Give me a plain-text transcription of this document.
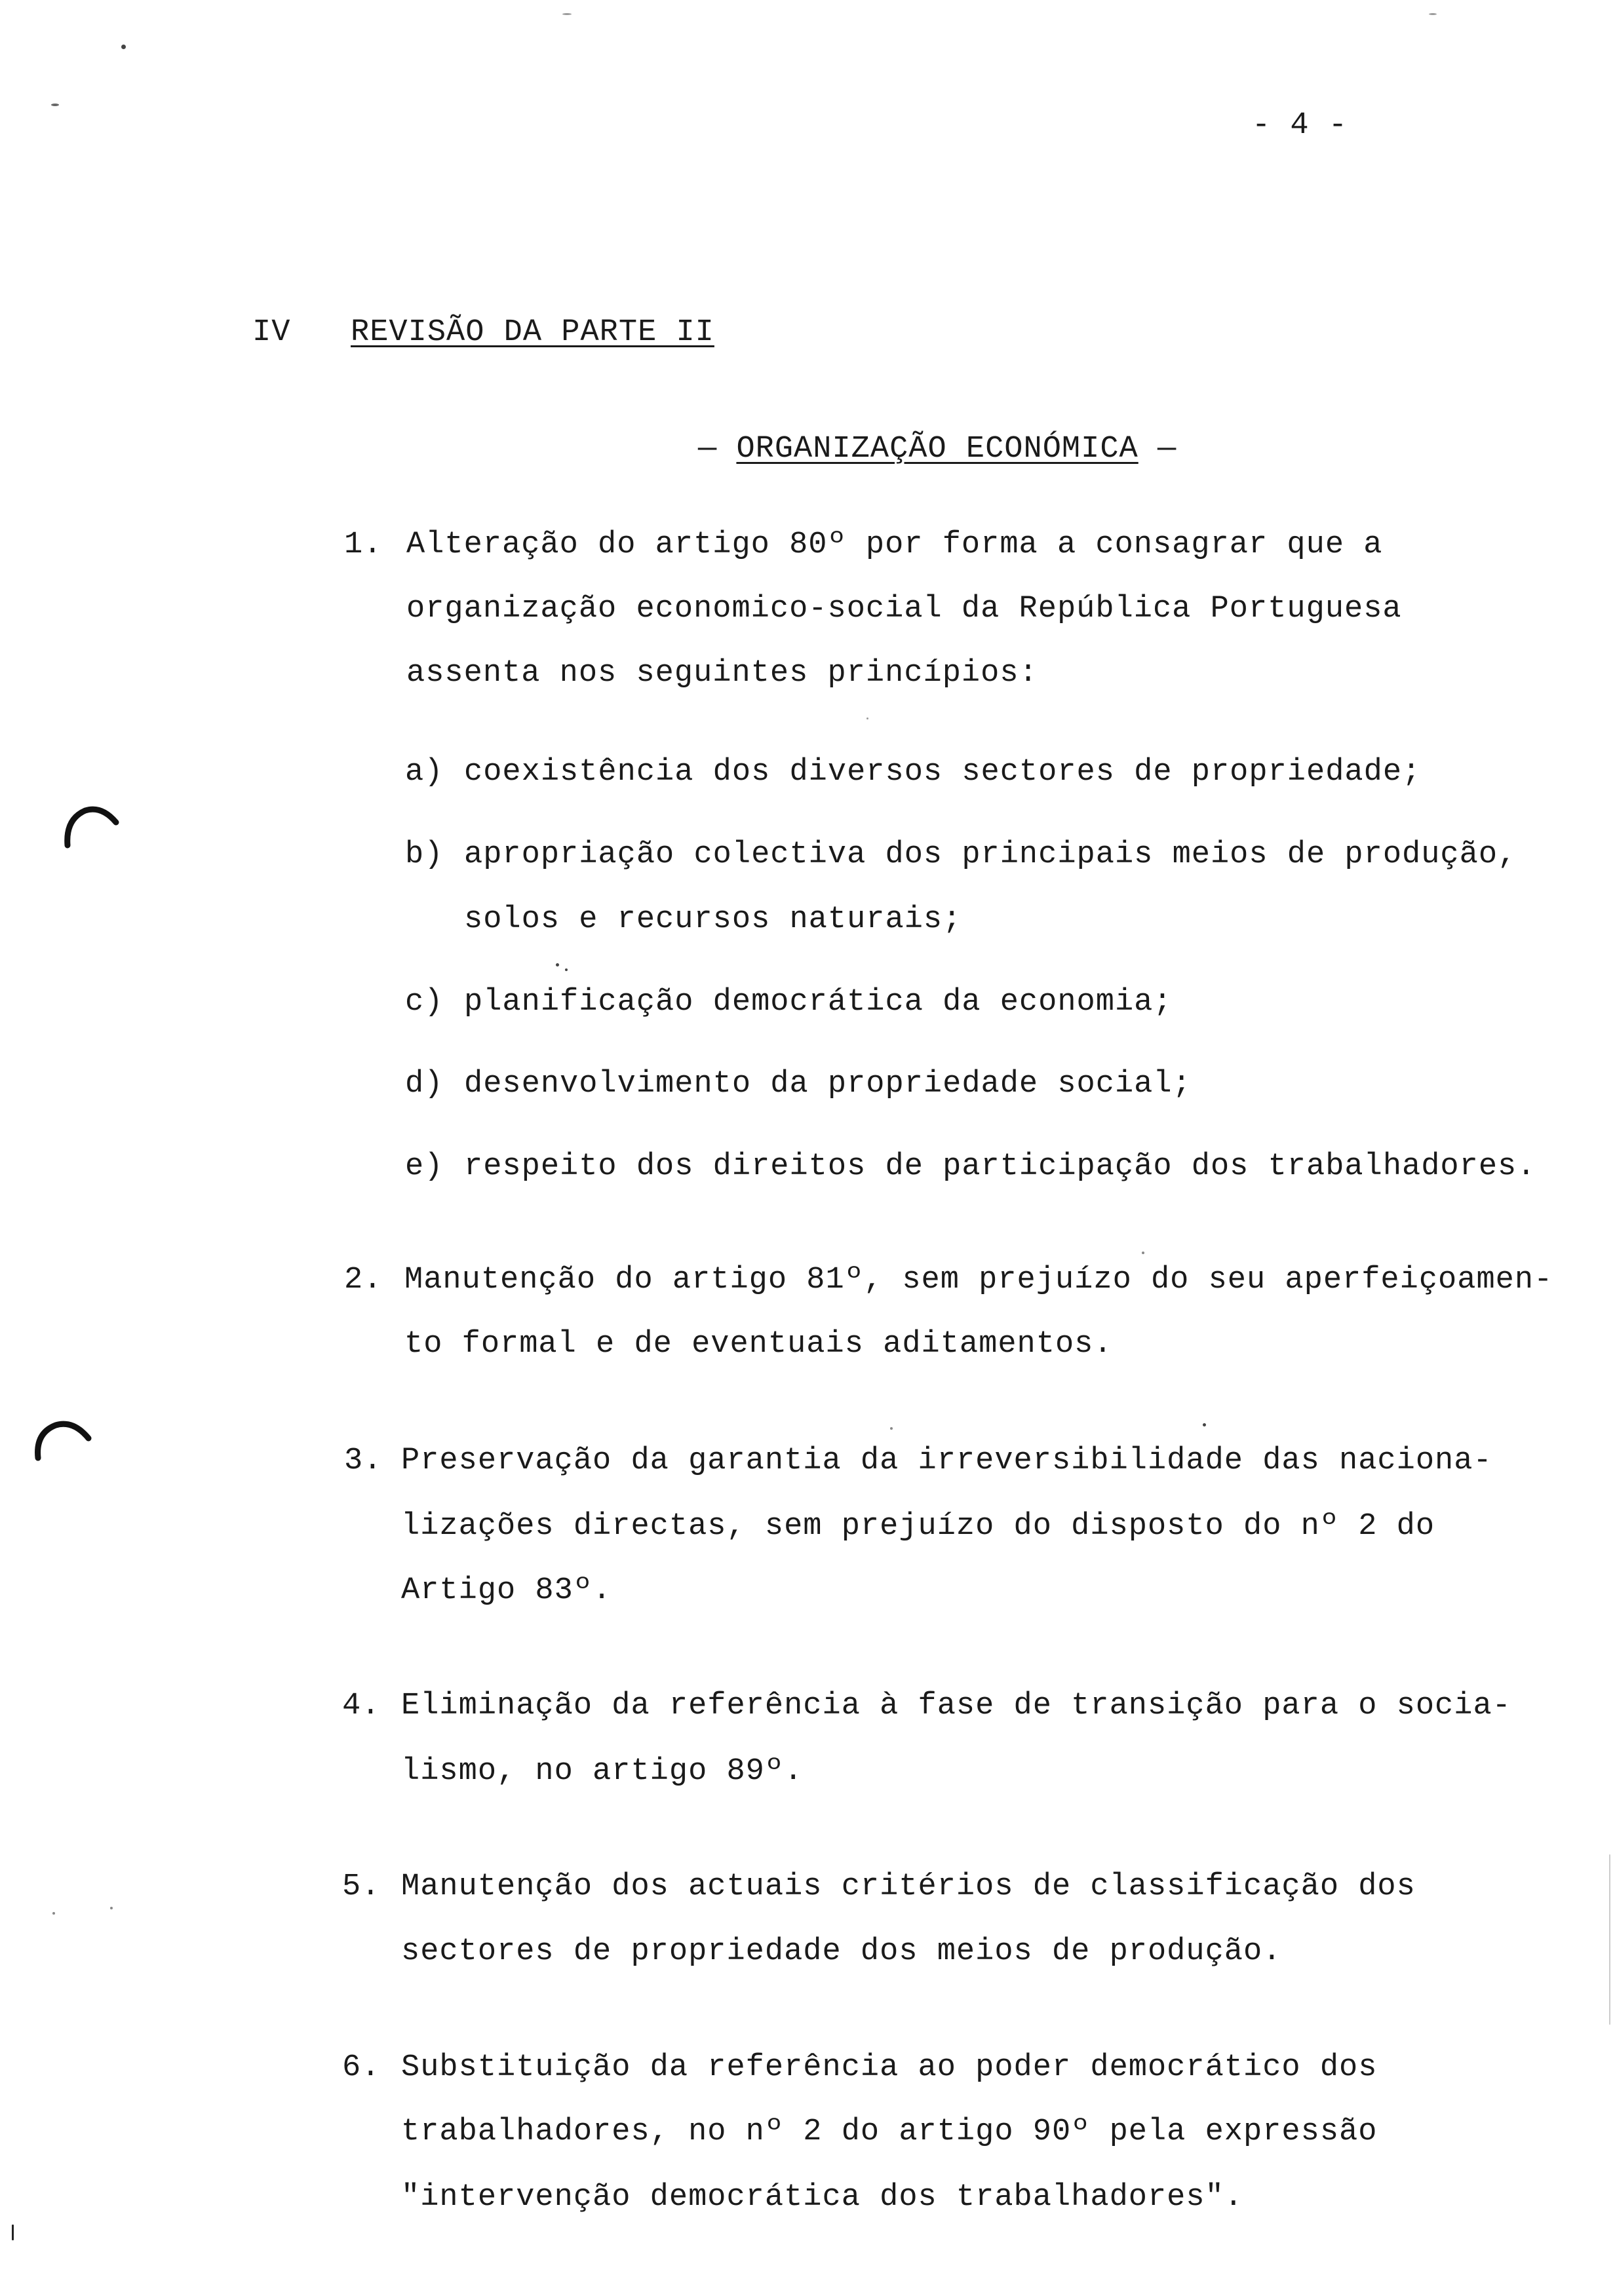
- 4 -
IV REVISÃO DA PARTE II
— ORGANIZAÇÃO ECONÓMICA —
1. Alteração do artigo 80º por forma a consagrar que a
organização economico-social da República Portuguesa
assenta nos seguintes princípios:
a) coexistência dos diversos sectores de propriedade;
b) apropriação colectiva dos principais meios de produção,
solos e recursos naturais;
c) planificação democrática da economia;
d) desenvolvimento da propriedade social;
e) respeito dos direitos de participação dos trabalhadores.
2. Manutenção do artigo 81º, sem prejuízo do seu aperfeiçoamen-
to formal e de eventuais aditamentos.
3. Preservação da garantia da irreversibilidade das naciona-
lizações directas, sem prejuízo do disposto do nº 2 do
Artigo 83º.
4. Eliminação da referência à fase de transição para o socia-
lismo, no artigo 89º.
5. Manutenção dos actuais critérios de classificação dos
sectores de propriedade dos meios de produção.
6. Substituição da referência ao poder democrático dos
trabalhadores, no nº 2 do artigo 90º pela expressão
"intervenção democrática dos trabalhadores".
